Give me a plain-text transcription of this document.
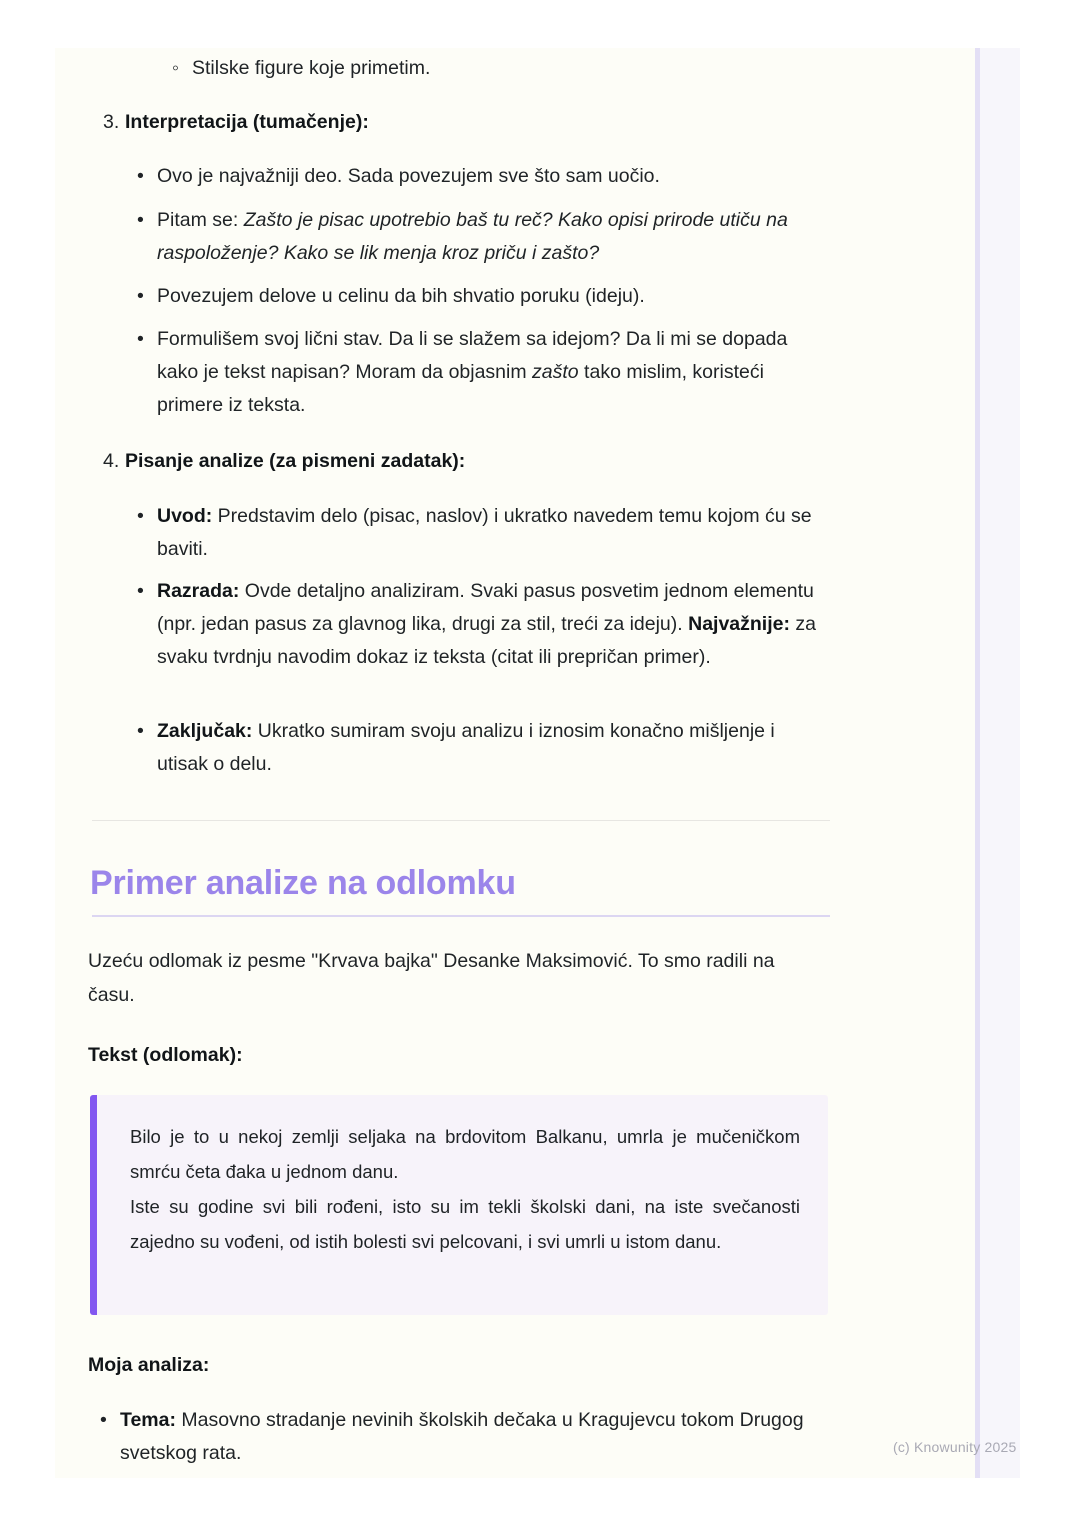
◦
Stilske figure koje primetim.
3. Interpretacija (tumačenje):
•
Ovo je najvažniji deo. Sada povezujem sve što sam uočio.
•
Pitam se: Zašto je pisac upotrebio baš tu reč? Kako opisi prirode utiču na raspoloženje? Kako se lik menja kroz priču i zašto?
•
Povezujem delove u celinu da bih shvatio poruku (ideju).
•
Formulišem svoj lični stav. Da li se slažem sa idejom? Da li mi se dopada kako je tekst napisan? Moram da objasnim zašto tako mislim, koristeći primere iz teksta.
4. Pisanje analize (za pismeni zadatak):
•
Uvod: Predstavim delo (pisac, naslov) i ukratko navedem temu kojom ću se baviti.
•
Razrada: Ovde detaljno analiziram. Svaki pasus posvetim jednom elementu (npr. jedan pasus za glavnog lika, drugi za stil, treći za ideju). Najvažnije: za svaku tvrdnju navodim dokaz iz teksta (citat ili prepričan primer).
•
Zaključak: Ukratko sumiram svoju analizu i iznosim konačno mišljenje i utisak o delu.
Primer analize na odlomku
Uzeću odlomak iz pesme "Krvava bajka" Desanke Maksimović. To smo radili na času.
Tekst (odlomak):

Bilo je to u nekoj zemlji seljaka na brdovitom Balkanu, umrla je mučeničkom smrću četa đaka u jednom danu.

Iste su godine svi bili rođeni, isto su im tekli školski dani, na iste svečanosti zajedno su vođeni, od istih bolesti svi pelcovani, i svi umrli u istom danu.

Moja analiza:
•
Tema: Masovno stradanje nevinih školskih dečaka u Kragujevcu tokom Drugog svetskog rata.	(c) Knowunity 2025
